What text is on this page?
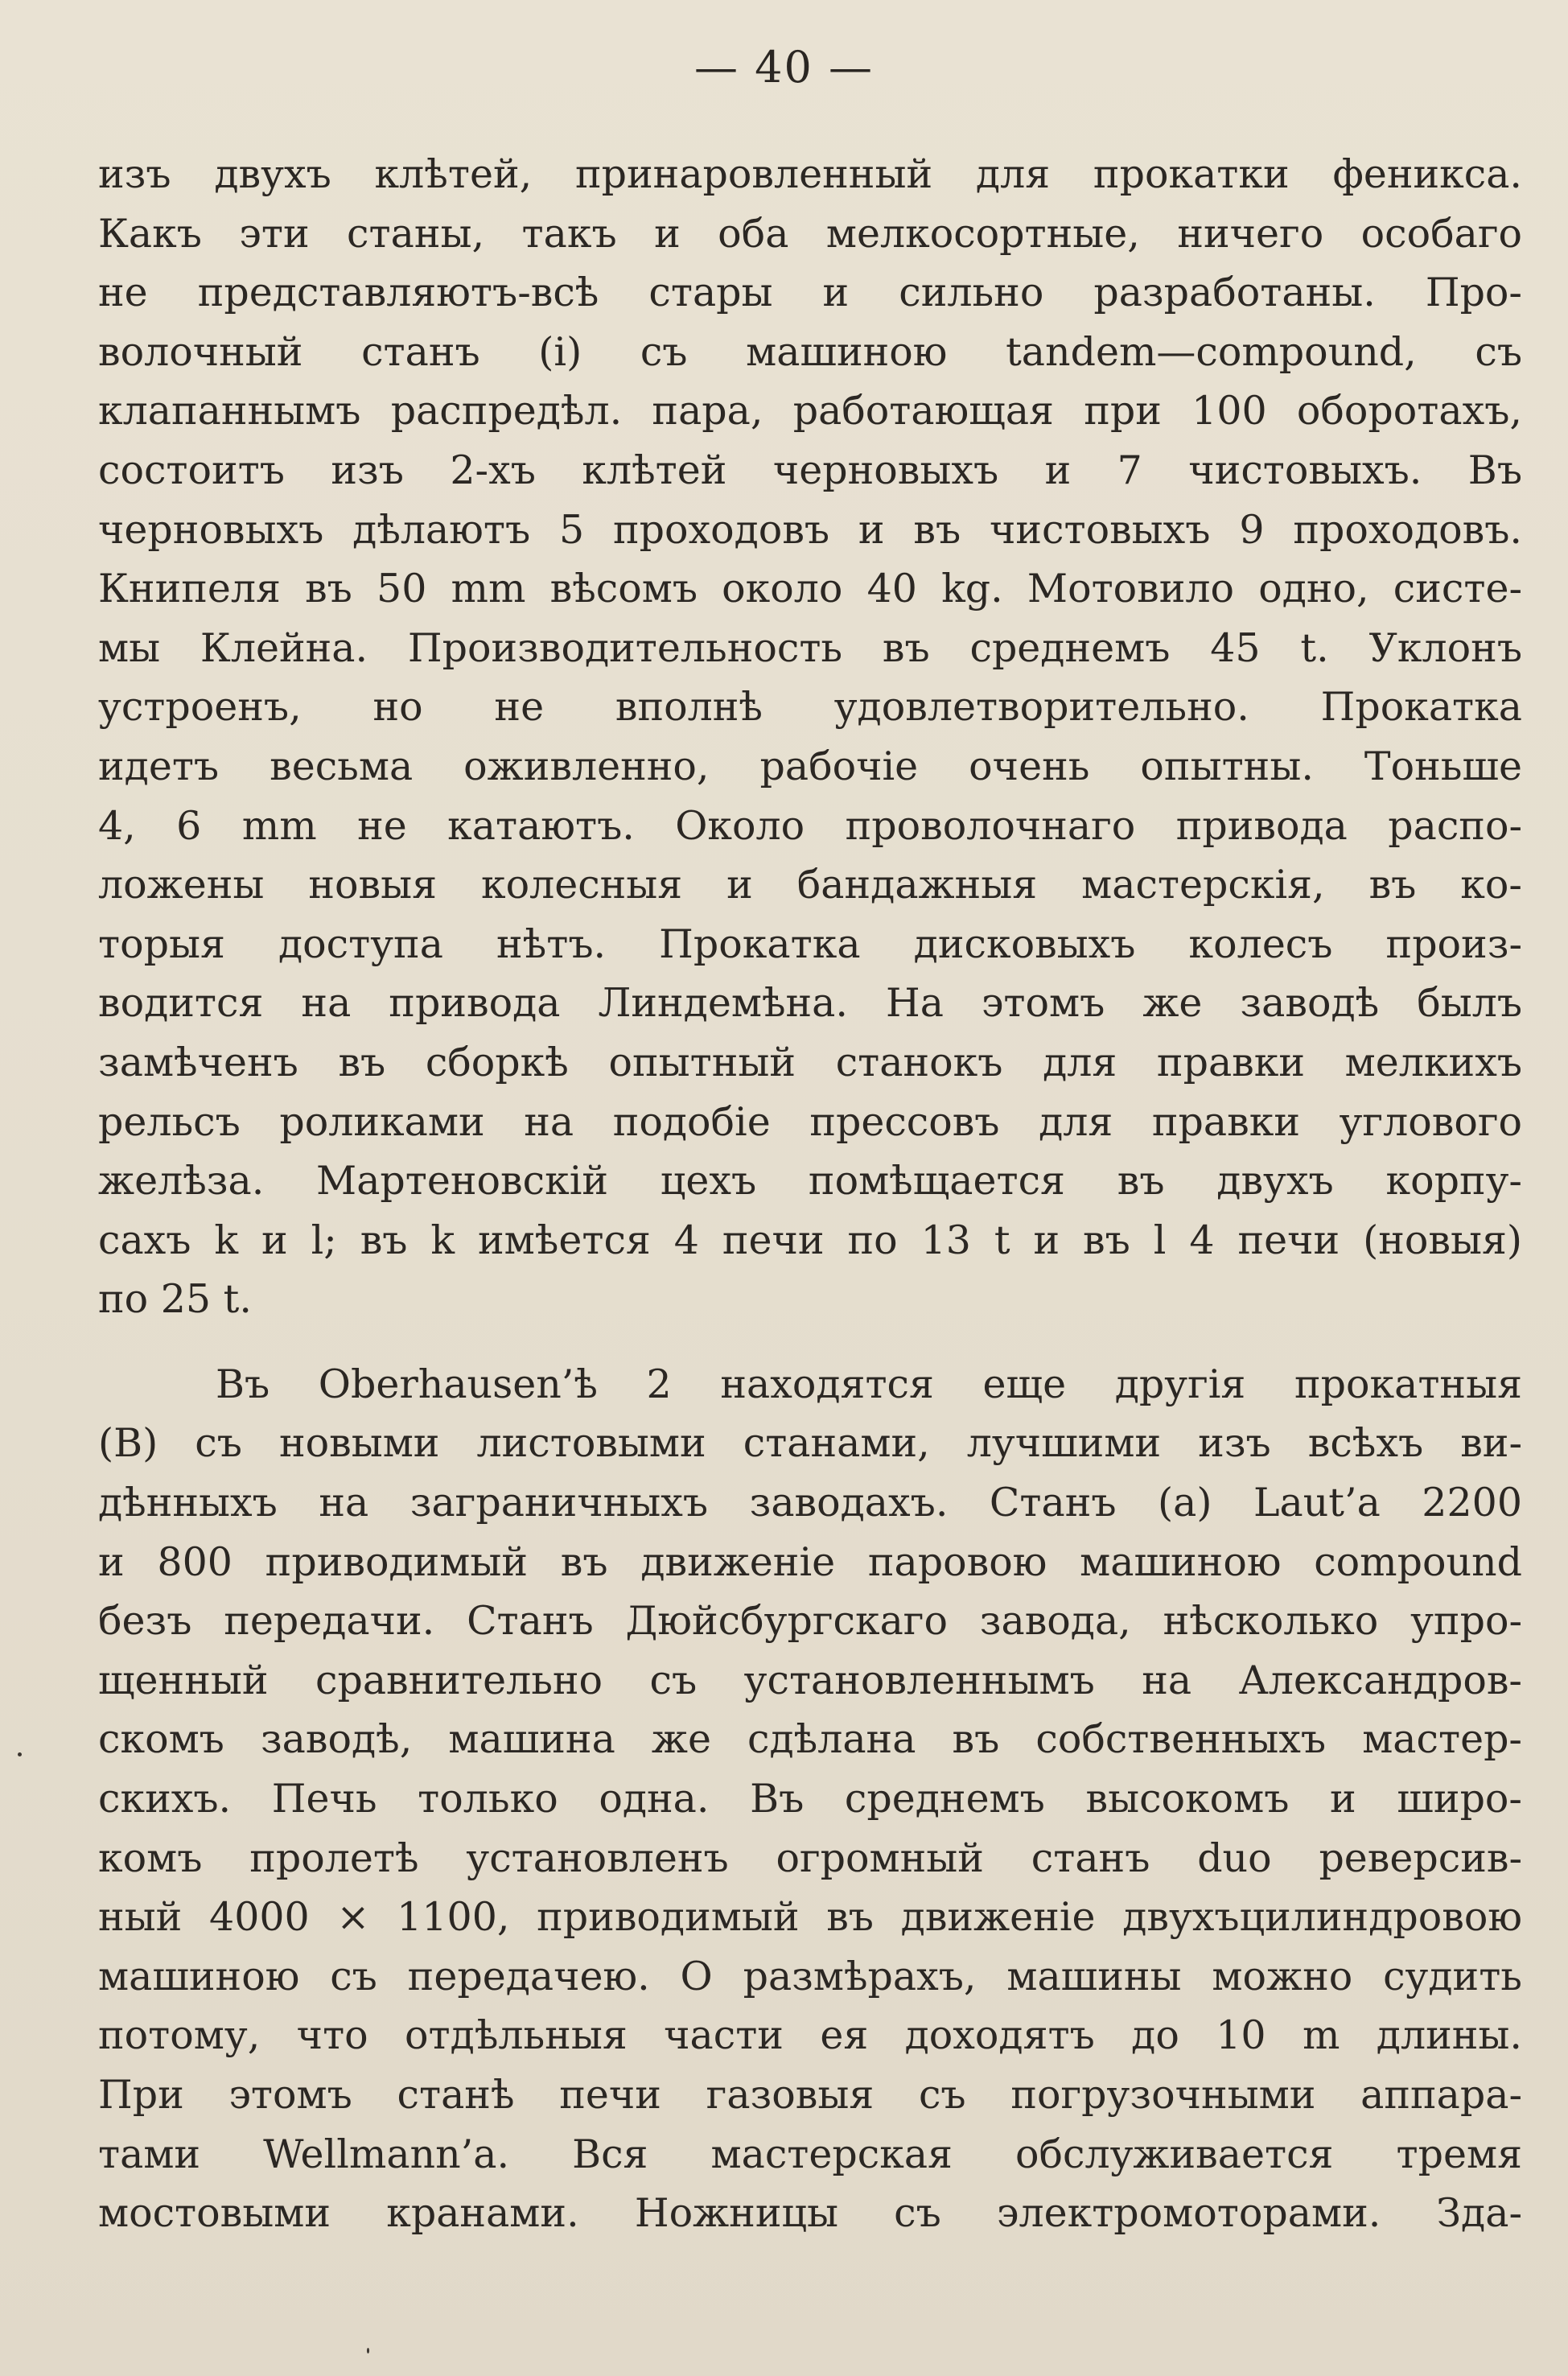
— 40 —
изъ двухъ клѣтей, принаровленный для прокатки феникса.
Какъ эти станы, такъ и оба мелкосортные, ничего особаго
не представляютъ-всѣ стары и сильно разработаны. Про-
волочный станъ (i) съ машиною tandem—compound, съ
клапаннымъ распредѣл. пара, работающая при 100 оборотахъ,
состоитъ изъ 2-хъ клѣтей черновыхъ и 7 чистовыхъ. Въ
черновыхъ дѣлаютъ 5 проходовъ и въ чистовыхъ 9 проходовъ.
Книпеля въ 50 mm вѣсомъ около 40 kg. Мотовило одно, систе-
мы Клейна. Производительность въ среднемъ 45 t. Уклонъ
устроенъ, но не вполнѣ удовлетворительно. Прокатка
идетъ весьма оживленно, рабочіе очень опытны. Тоньше
4, 6 mm не катаютъ. Около проволочнаго привода распо-
ложены новыя колесныя и бандажныя мастерскія, въ ко-
торыя доступа нѣтъ. Прокатка дисковыхъ колесъ произ-
водится на привода Линдемѣна. На этомъ же заводѣ былъ
замѣченъ въ сборкѣ опытный станокъ для правки мелкихъ
рельсъ роликами на подобіе прессовъ для правки углового
желѣза. Мартеновскій цехъ помѣщается въ двухъ корпу-
сахъ k и l; въ k имѣется 4 печи по 13 t и въ l 4 печи (новыя)
по 25 t.
Въ Oberhausen’ѣ 2 находятся еще другія прокатныя
(B) съ новыми листовыми станами, лучшими изъ всѣхъ ви-
дѣнныхъ на заграничныхъ заводахъ. Станъ (a) Laut’a 2200
и 800 приводимый въ движеніе паровою машиною compound
безъ передачи. Станъ Дюйсбургскаго завода, нѣсколько упро-
щенный сравнительно съ установленнымъ на Александров-
скомъ заводѣ, машина же сдѣлана въ собственныхъ мастер-
скихъ. Печь только одна. Въ среднемъ высокомъ и широ-
комъ пролетѣ установленъ огромный станъ duo реверсив-
ный 4000 × 1100, приводимый въ движеніе двухъцилиндровою
машиною съ передачею. О размѣрахъ, машины можно судить
потому, что отдѣльныя части ея доходятъ до 10 m длины.
При этомъ станѣ печи газовыя съ погрузочными аппара-
тами Wellmann’a. Вся мастерская обслуживается тремя
мостовыми кранами. Ножницы съ электромоторами. Зда-
